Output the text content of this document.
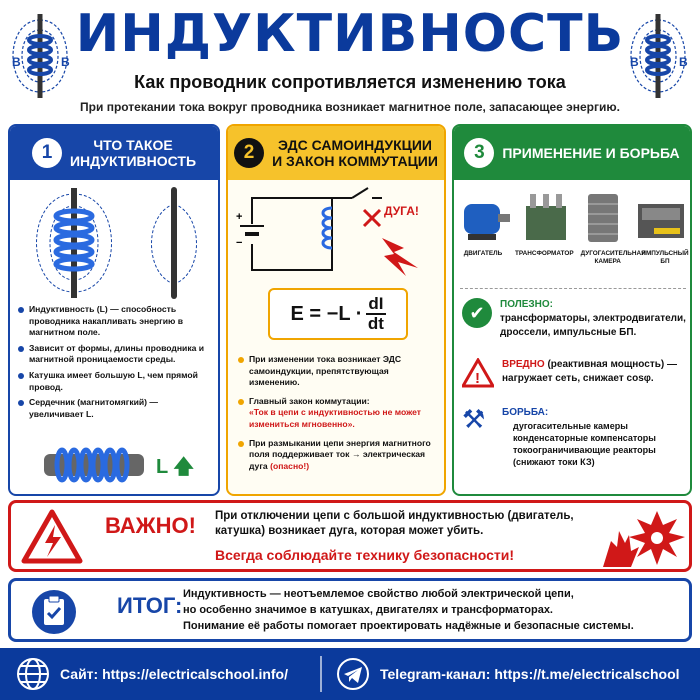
B	B	B	B
ИНДУКТИВНОСТЬ
Как проводник сопротивляется изменению тока
При протекании тока вокруг проводника возникает магнитное поле, запасающее энергию.
1	ЧТО ТАКОЕ
ИНДУКТИВНОСТЬ
Индуктивность (L) — способность проводника накапливать энергию в магнитном поле.
Зависит от формы, длины проводника и магнитной проницаемости среды.
Катушка имеет большую L, чем прямой провод.
Сердечник (магнитомягкий) — увеличивает L.
L 🡅
2	ЭДС САМОИНДУКЦИИ
И ЗАКОН КОММУТАЦИИ
+
−
ДУГА!
$E = -L \cdot \frac{dI}{dt}$
При изменении тока возникает ЭДС самоиндукции, препятствующая изменению.
Главный закон коммутации:
«Ток в цепи с индуктивностью не может измениться мгновенно».
При размыкании цепи энергия магнитного поля поддерживает ток → электрическая дуга (опасно!)
3	ПРИМЕНЕНИЕ И БОРЬБА
ДВИГАТЕЛЬ	ТРАНСФОРМАТОР ДУГОГАСИТЕЛЬНАЯ КАМЕРА
ИМПУЛЬСНЫЙ БП
✔	ПОЛЕЗНО:
трансформаторы, электродвигатели, дроссели, импульсные БП.
!
ВРЕДНО (реактивная мощность) — нагружает сеть, снижает cosφ.
⚒	БОРЬБА:
дугогасительные камеры
конденсаторные компенсаторы
токоограничивающие реакторы (снижают токи КЗ)
ВАЖНО! При отключении цепи с большой индуктивностью (двигатель, катушка) возникает дуга, которая может убить.
Всегда соблюдайте технику безопасности!
ИТОГ: Индуктивность — неотъемлемое свойство любой электрической цепи,
но особенно значимое в катушках, двигателях и трансформаторах.
Понимание её работы помогает проектировать надёжные и безопасные системы.
Сайт: https://electricalschool.info/	Telegram-канал: https://t.me/electricalschool
